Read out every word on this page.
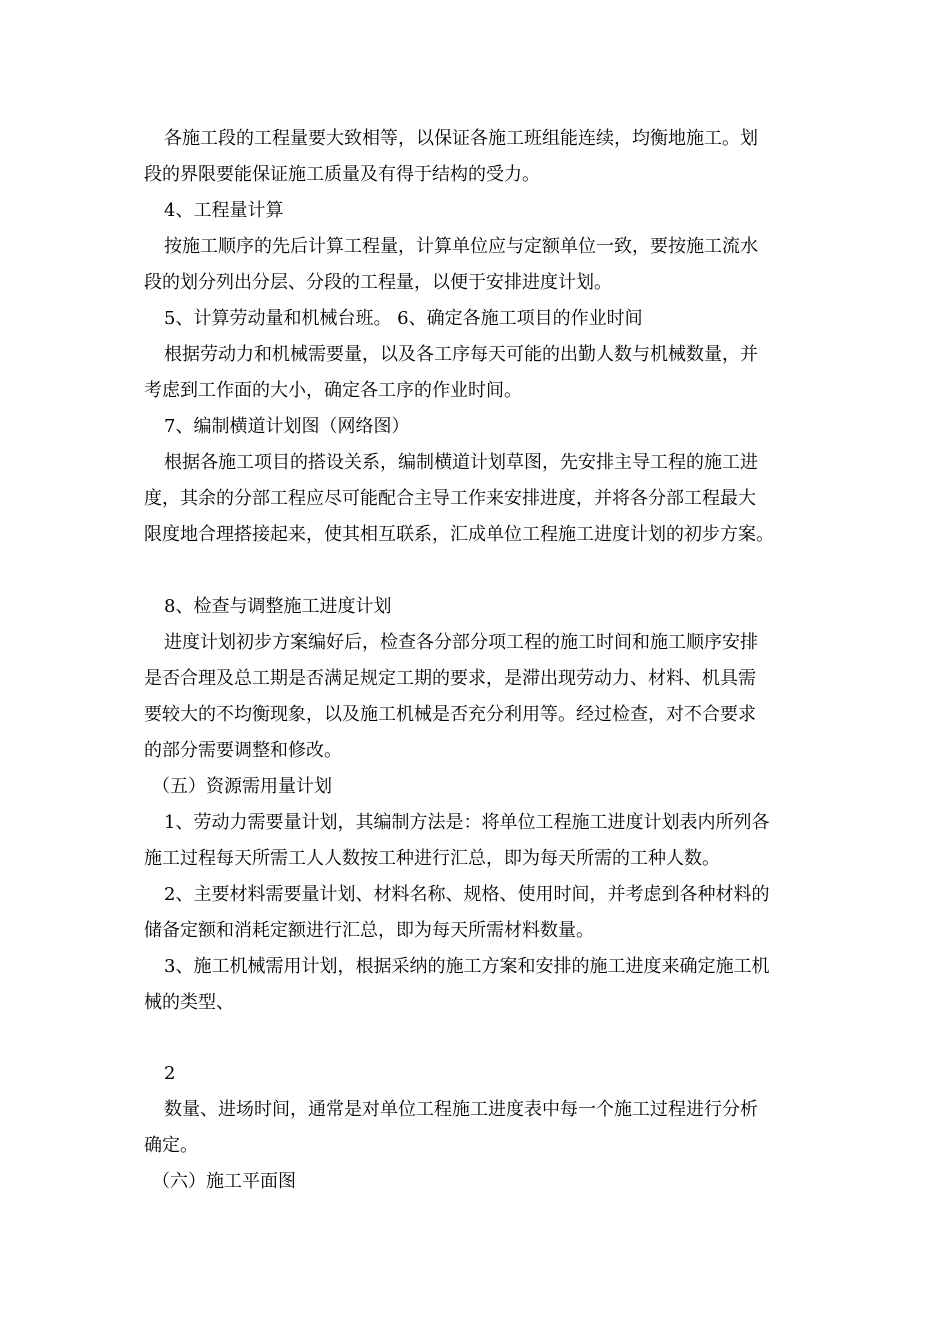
各施工段的工程量要大致相等，以保证各施工班组能连续，均衡地施工。划
段的界限要能保证施工质量及有得于结构的受力。
4、工程量计算
按施工顺序的先后计算工程量，计算单位应与定额单位一致，要按施工流水
段的划分列出分层、分段的工程量，以便于安排进度计划。
5、计算劳动量和机械台班。 6、确定各施工项目的作业时间
根据劳动力和机械需要量，以及各工序每天可能的出勤人数与机械数量，并
考虑到工作面的大小，确定各工序的作业时间。
7、编制横道计划图（网络图）
根据各施工项目的搭设关系，编制横道计划草图，先安排主导工程的施工进
度，其余的分部工程应尽可能配合主导工作来安排进度，并将各分部工程最大
限度地合理搭接起来，使其相互联系，汇成单位工程施工进度计划的初步方案。
8、检查与调整施工进度计划
进度计划初步方案编好后，检查各分部分项工程的施工时间和施工顺序安排
是否合理及总工期是否满足规定工期的要求，是滞出现劳动力、材料、机具需
要较大的不均衡现象，以及施工机械是否充分利用等。经过检查，对不合要求
的部分需要调整和修改。
（五）资源需用量计划
1、劳动力需要量计划，其编制方法是：将单位工程施工进度计划表内所列各
施工过程每天所需工人人数按工种进行汇总，即为每天所需的工种人数。
2、主要材料需要量计划、材料名称、规格、使用时间，并考虑到各种材料的
储备定额和消耗定额进行汇总，即为每天所需材料数量。
3、施工机械需用计划，根据采纳的施工方案和安排的施工进度来确定施工机
械的类型、
2
数量、进场时间，通常是对单位工程施工进度表中每一个施工过程进行分析
确定。
（六）施工平面图
